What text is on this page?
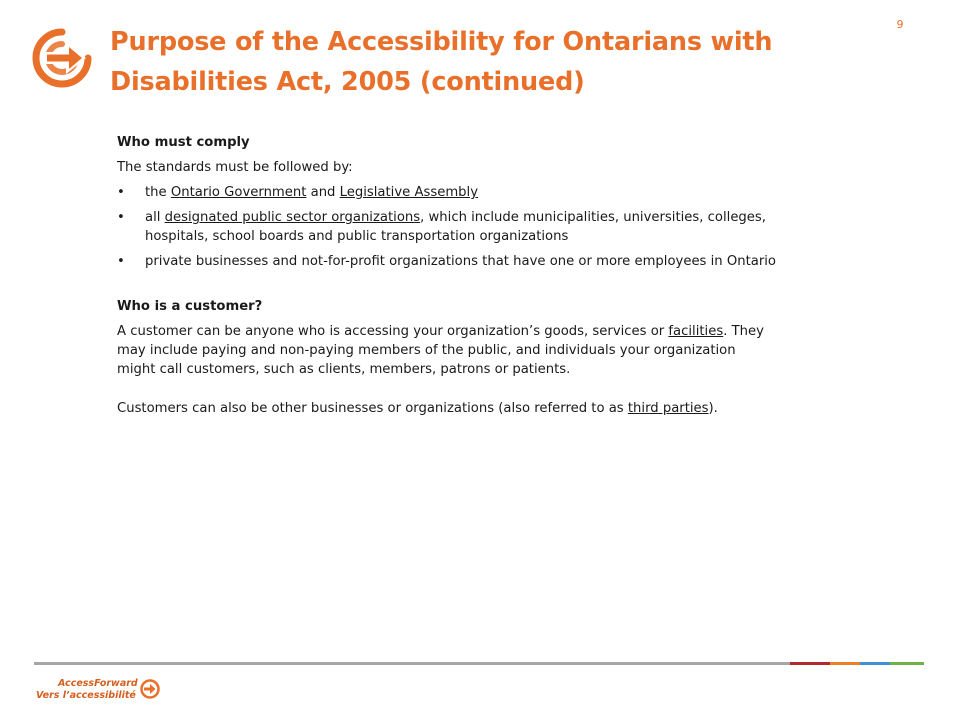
Purpose of the Accessibility for Ontarians with Disabilities Act, 2005 (continued)
9

Who must comply

The standards must be followed by:

• the Ontario Government and Legislative Assembly
• all designated public sector organizations, which include municipalities, universities, colleges, hospitals, school boards and public transportation organizations
• private businesses and not-for-profit organizations that have one or more employees in Ontario

Who is a customer?

A customer can be anyone who is accessing your organization’s goods, services or facilities. They may include paying and non-paying members of the public, and individuals your organization might call customers, such as clients, members, patrons or patients.

Customers can also be other businesses or organizations (also referred to as third parties).

AccessForward
Vers l’accessibilité
